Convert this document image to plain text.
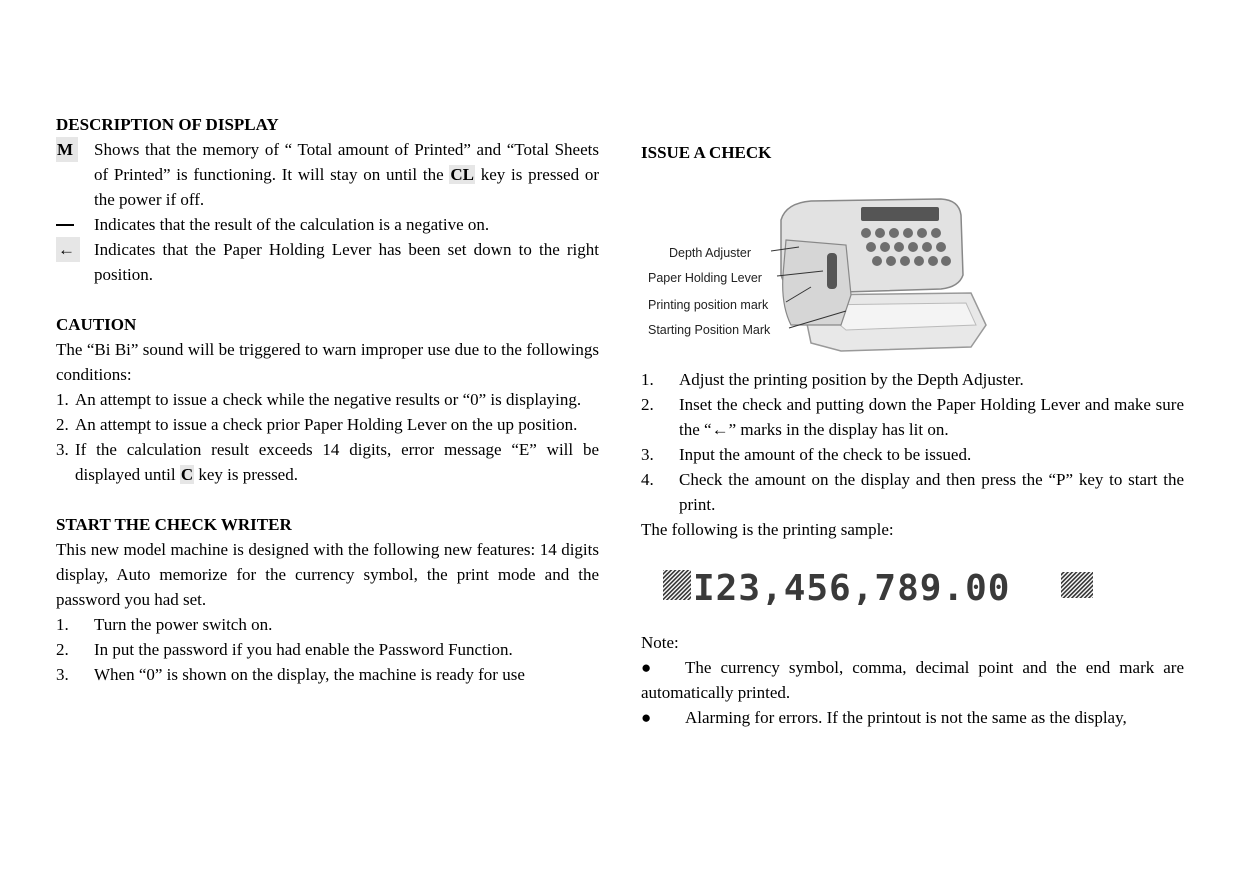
DESCRIPTION OF DISPLAY

M Shows that the memory of “ Total amount of Printed” and “Total Sheets of Printed” is functioning. It will stay on until the CL key is pressed or the power if off.
Indicates that the result of the calculation is a negative on.
← Indicates that the Paper Holding Lever has been set down to the right position.

CAUTION

The “Bi Bi” sound will be triggered to warn improper use due to the followings conditions:

1. An attempt to issue a check while the negative results or “0” is displaying.
2. An attempt to issue a check prior Paper Holding Lever on the up position.
3. If the calculation result exceeds 14 digits, error message “E” will be displayed until C key is pressed.

START THE CHECK WRITER

This new model machine is designed with the following new features: 14 digits display, Auto memorize for the currency symbol, the print mode and the password you had set.

1. Turn the power switch on.
2. In put the password if you had enable the Password Function.
3. When “0” is shown on the display, the machine is ready for use

ISSUE A CHECK

Depth Adjuster
Paper Holding Lever
Printing position mark
Starting Position Mark
1. Adjust the printing position by the Depth Adjuster.
2. Inset the check and putting down the Paper Holding Lever and make sure the “←” marks in the display has lit on.
3. Input the amount of the check to be issued.
4. Check the amount on the display and then press the “P” key to start the print.

The following is the printing sample:

I23,456,789.00

Note:

● The currency symbol, comma, decimal point and the end mark are automatically printed.

● Alarming for errors. If the printout is not the same as the display,
